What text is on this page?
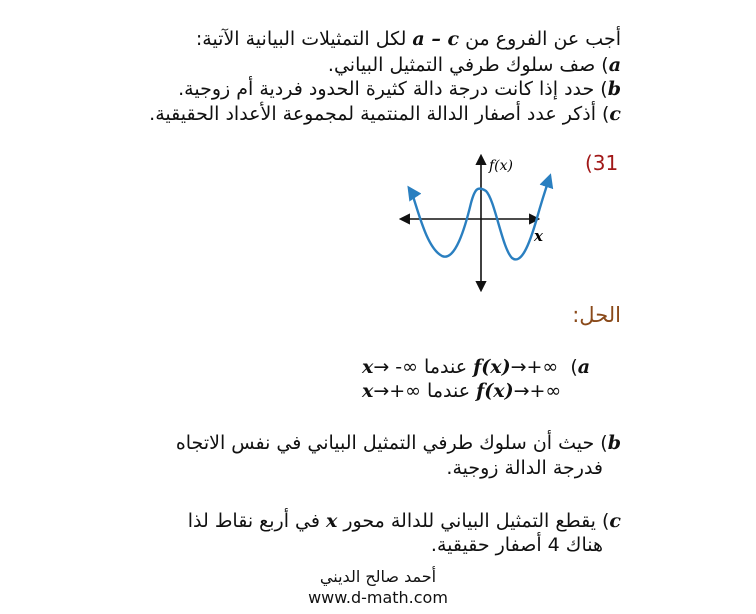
أجب عن الفروع من a – c لكل التمثيلات البيانية الآتية:
a) صف سلوك طرفي التمثيل البياني.
b) حدد إذا كانت درجة دالة كثيرة الحدود فردية أم زوجية.
c) أذكر عدد أصفار الدالة المنتمية لمجموعة الأعداد الحقيقية.
(31
f(x)
x
الحل:
x→ -∞ عندما f(x)→+∞  (a
x→+∞ عندما f(x)→+∞
b) حيث أن سلوك طرفي التمثيل البياني في نفس الاتجاه
فدرجة الدالة زوجية.
c) يقطع التمثيل البياني للدالة محور x في أربع نقاط لذا
هناك 4 أصفار حقيقية.
أحمد صالح الديني
www.d-math.com
